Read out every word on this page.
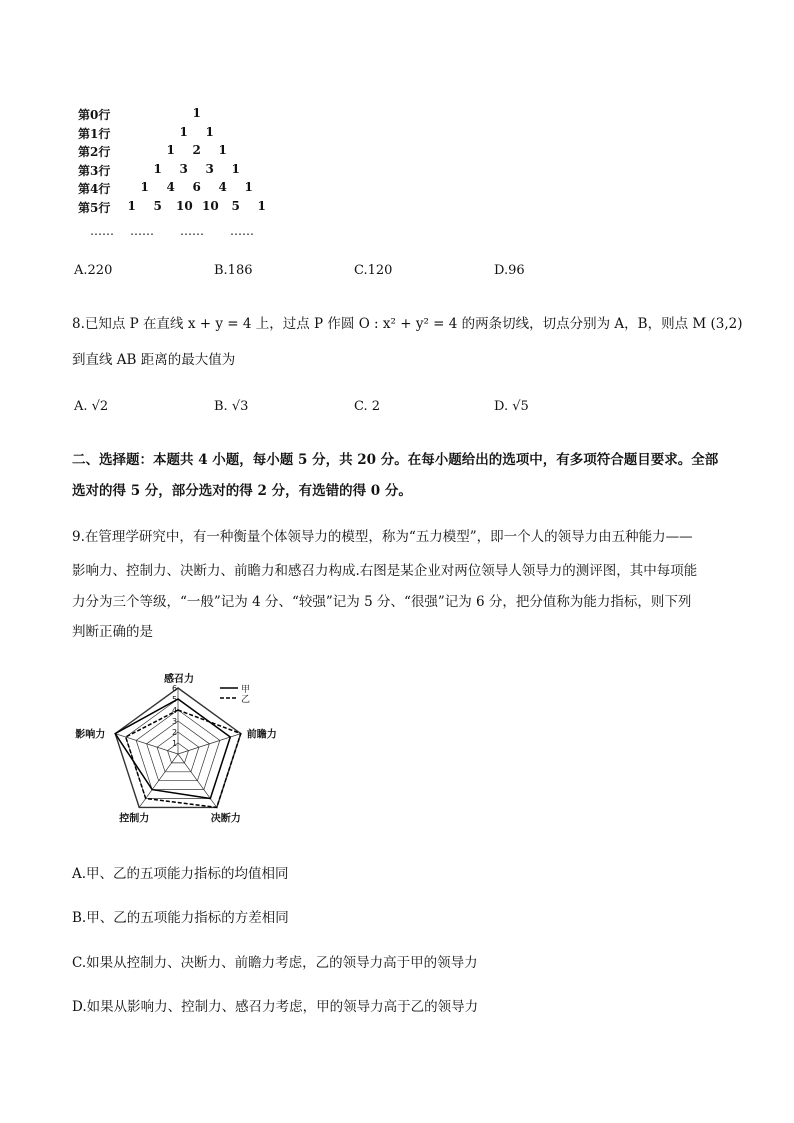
第0行	1
第1行	1 1
第2行	1 2 1
第3行	1 3 3 1
第4行	1 4 6 4 1
第5行 1 5 10 10 5 1
…… …… …… ……
A.220	B.186	C.120	D.96
8.已知点 P 在直线 x + y = 4 上，过点 P 作圆 O : x² + y² = 4 的两条切线，切点分别为 A，B，则点 M (3,2)
到直线 AB 距离的最大值为
A. √2	B. √3	C. 2	D. √5
二、选择题：本题共 4 小题，每小题 5 分，共 20 分。在每小题给出的选项中，有多项符合题目要求。全部
选对的得 5 分，部分选对的得 2 分，有选错的得 0 分。
9.在管理学研究中，有一种衡量个体领导力的模型，称为“五力模型”，即一个人的领导力由五种能力——
影响力、控制力、决断力、前瞻力和感召力构成.右图是某企业对两位领导人领导力的测评图，其中每项能
力分为三个等级，“一般”记为 4 分、“较强”记为 5 分、“很强”记为 6 分，把分值称为能力指标，则下列
判断正确的是
1
2
3
4
5
6
感召力
前瞻力
决断力
控制力
影响力
甲
乙
A.甲、乙的五项能力指标的均值相同
B.甲、乙的五项能力指标的方差相同
C.如果从控制力、决断力、前瞻力考虑，乙的领导力高于甲的领导力
D.如果从影响力、控制力、感召力考虑，甲的领导力高于乙的领导力
